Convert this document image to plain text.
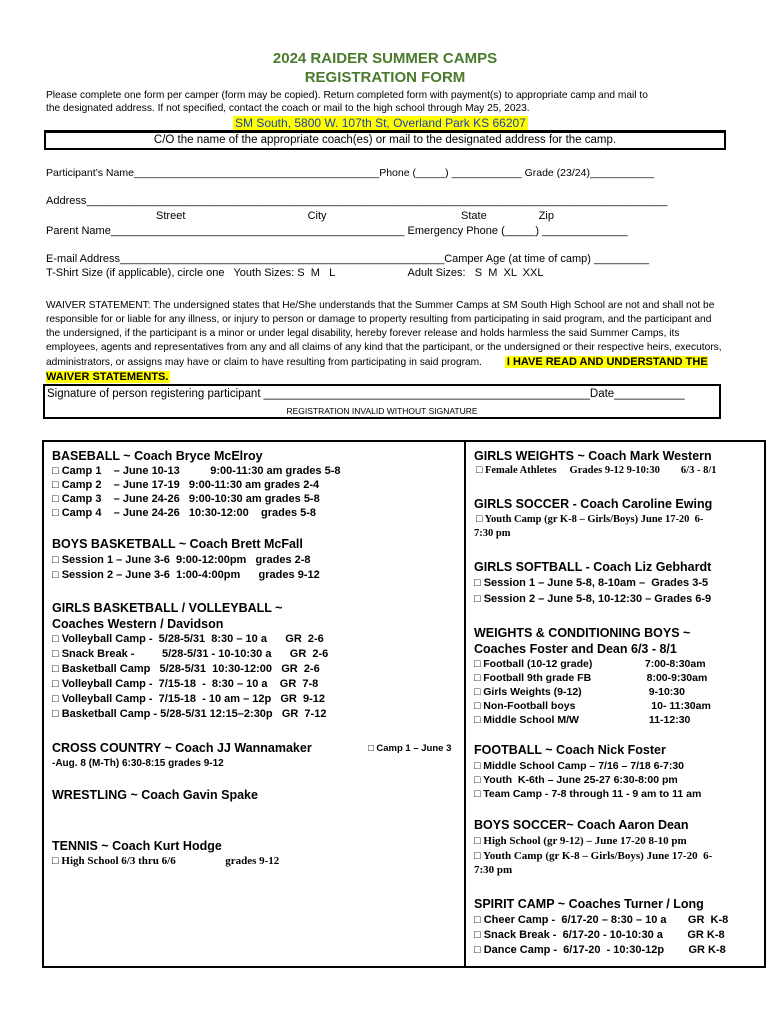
2024 RAIDER SUMMER CAMPS
REGISTRATION FORM
Please complete one form per camper (form may be copied). Return completed form with payment(s) to appropriate camp and mail to
the designated address. If not specified, contact the coach or mail to the high school through May 25, 2023.
SM South, 5800 W. 107th St, Overland Park KS 66207
C/O the name of the appropriate coach(es) or mail to the designated address for the camp.
Participant’s Name__________________________________________Phone (_____) ____________ Grade (23/24)___________
Address_______________________________________________________________________________________________
Street                                        City                                            State                 Zip
Parent Name________________________________________________ Emergency Phone (_____) ______________
E-mail Address_____________________________________________________Camper Age (at time of camp) _________
T-Shirt Size (if applicable), circle one   Youth Sizes: S  M   L                        Adult Sizes:   S  M  XL  XXL
WAIVER STATEMENT: The undersigned states that He/She understands that the Summer Camps at SM South High School are not and shall not be responsible for or liable for any illness, or injury to person or damage to property resulting from participating in said program, and the participant and the undersigned, if the participant is a minor or under legal disability, hereby forever release and holds harmless the said Summer Camps, its employees, agents and representatives from any and all claims of any kind that the participant, or the undersigned or their respective heirs, executors, administrators, or assigns may have or claim to have resulting from participating in said program. I HAVE READ AND UNDERSTAND THE WAIVER STATEMENTS.
Signature of person registering participant ___________________________________________________Date___________
REGISTRATION INVALID WITHOUT SIGNATURE
BASEBALL ~ Coach Bryce McElroy
□ Camp 1    – June 10-13          9:00-11:30 am grades 5-8
□ Camp 2    – June 17-19   9:00-11:30 am grades 2-4
□ Camp 3    – June 24-26   9:00-10:30 am grades 5-8
□ Camp 4    – June 24-26   10:30-12:00    grades 5-8
BOYS BASKETBALL ~ Coach Brett McFall
□ Session 1 – June 3-6  9:00-12:00pm   grades 2-8
□ Session 2 – June 3-6  1:00-4:00pm      grades 9-12
GIRLS BASKETBALL / VOLLEYBALL ~
Coaches Western / Davidson
□ Volleyball Camp -  5/28-5/31  8:30 – 10 a      GR  2-6
□ Snack Break -         5/28-5/31 - 10-10:30 a      GR  2-6
□ Basketball Camp   5/28-5/31  10:30-12:00   GR  2-6
□ Volleyball Camp -  7/15-18  -  8:30 – 10 a    GR  7-8
□ Volleyball Camp -  7/15-18  - 10 am – 12p   GR  9-12
□ Basketball Camp - 5/28-5/31 12:15–2:30p   GR  7-12
CROSS COUNTRY ~ Coach JJ Wannamaker	□ Camp 1 – June 3
-Aug. 8 (M-Th) 6:30-8:15 grades 9-12
WRESTLING ~ Coach Gavin Spake
TENNIS ~ Coach Kurt Hodge
□ High School 6/3 thru 6/6                  grades 9-12
GIRLS WEIGHTS ~ Coach Mark Western
□ Female Athletes     Grades 9-12 9-10:30        6/3 - 8/1
GIRLS SOCCER - Coach Caroline Ewing
□ Youth Camp (gr K-8 – Girls/Boys) June 17-20  6-
7:30 pm
GIRLS SOFTBALL - Coach Liz Gebhardt
□ Session 1 – June 5-8, 8-10am –  Grades 3-5
□ Session 2 – June 5-8, 10-12:30 – Grades 6-9
WEIGHTS & CONDITIONING BOYS ~
Coaches Foster and Dean 6/3 - 8/1
□ Football (10-12 grade)                  7:00-8:30am
□ Football 9th grade FB                   8:00-9:30am
□ Girls Weights (9-12)                       9-10:30
□ Non-Football boys                          10- 11:30am
□ Middle School M/W                        11-12:30
FOOTBALL ~ Coach Nick Foster
□ Middle School Camp – 7/16 – 7/18 6-7:30
□ Youth  K-6th – June 25-27 6:30-8:00 pm
□ Team Camp - 7-8 through 11 - 9 am to 11 am
BOYS SOCCER~ Coach Aaron Dean
□ High School (gr 9-12) – June 17-20 8-10 pm
□ Youth Camp (gr K-8 – Girls/Boys) June 17-20  6-
7:30 pm
SPIRIT CAMP ~ Coaches Turner / Long
□ Cheer Camp -  6/17-20 – 8:30 – 10 a       GR  K-8
□ Snack Break -  6/17-20 - 10-10:30 a        GR K-8
□ Dance Camp -  6/17-20  - 10:30-12p        GR K-8
